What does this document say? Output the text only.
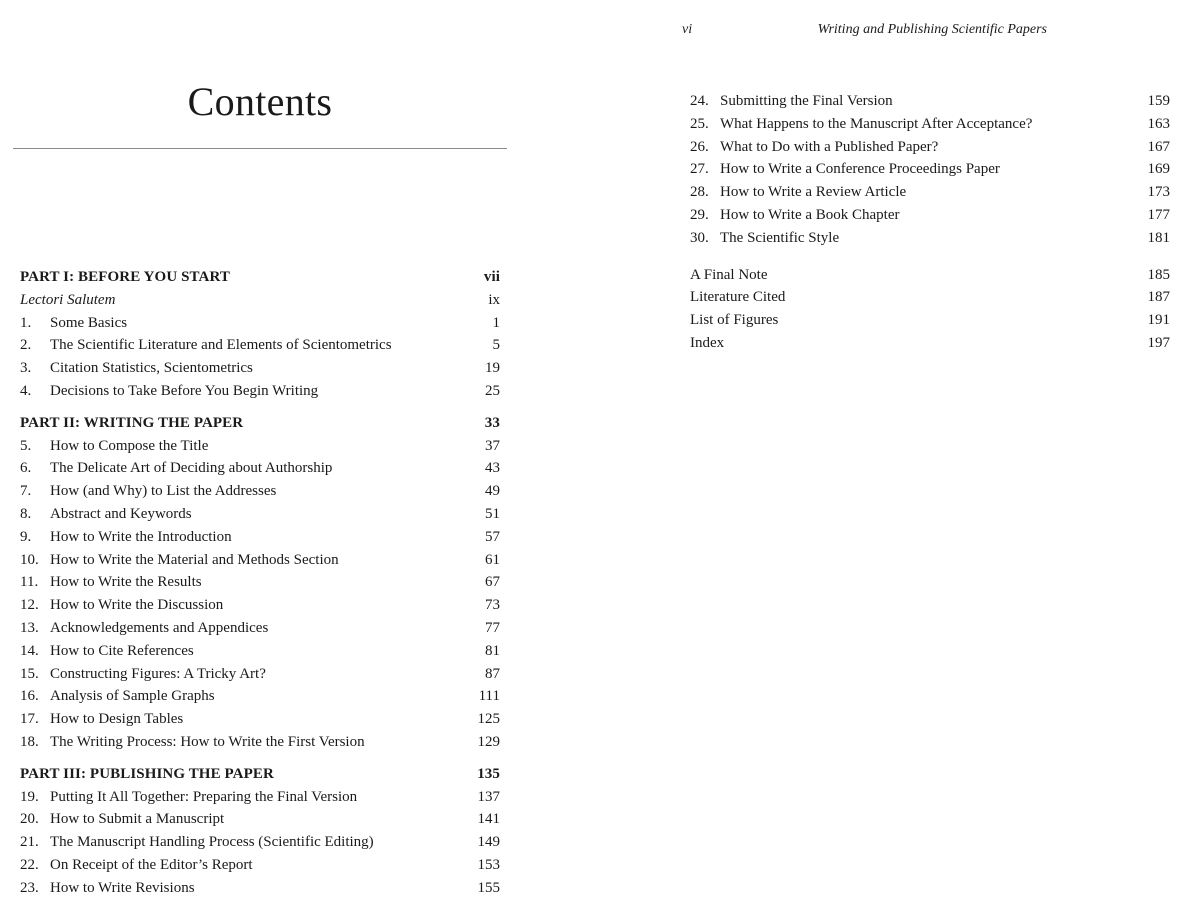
Contents
PART I: BEFORE YOU START	vii
Lectori Salutem	ix
1.	Some Basics	1
2.	The Scientific Literature and Elements of Scientometrics	5
3.	Citation Statistics, Scientometrics	19
4.	Decisions to Take Before You Begin Writing	25
PART II: WRITING THE PAPER	33
5.	How to Compose the Title	37
6.	The Delicate Art of Deciding about Authorship	43
7.	How (and Why) to List the Addresses	49
8.	Abstract and Keywords	51
9.	How to Write the Introduction	57
10. How to Write the Material and Methods Section	61
11. How to Write the Results	67
12. How to Write the Discussion	73
13. Acknowledgements and Appendices	77
14. How to Cite References	81
15. Constructing Figures: A Tricky Art?	87
16. Analysis of Sample Graphs	111
17. How to Design Tables	125
18. The Writing Process: How to Write the First Version	129
PART III: PUBLISHING THE PAPER	135
19. Putting It All Together: Preparing the Final Version	137
20. How to Submit a Manuscript	141
21. The Manuscript Handling Process (Scientific Editing)	149
22. On Receipt of the Editor’s Report	153
23. How to Write Revisions	155
vi	Writing and Publishing Scientific Papers
24. Submitting the Final Version	159
25. What Happens to the Manuscript After Acceptance?	163
26. What to Do with a Published Paper?	167
27. How to Write a Conference Proceedings Paper	169
28. How to Write a Review Article	173
29. How to Write a Book Chapter	177
30. The Scientific Style	181
A Final Note	185
Literature Cited	187
List of Figures	191
Index	197
